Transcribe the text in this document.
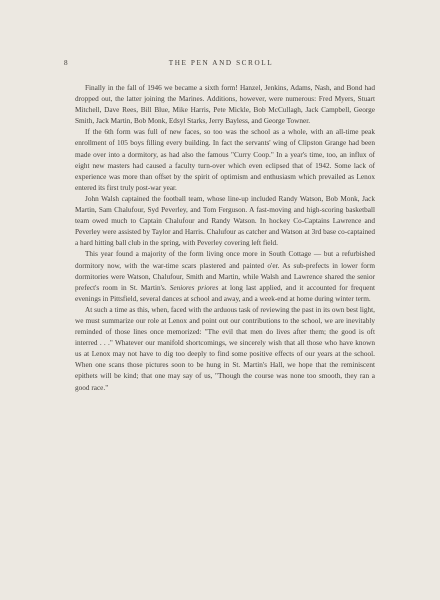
8	THE PEN AND SCROLL

Finally in the fall of 1946 we became a sixth form! Hanzel, Jenkins, Adams, Nash, and Bond had dropped out, the latter joining the Marines. Additions, however, were numerous: Fred Myers, Stuart Mitchell, Dave Rees, Bill Blue, Mike Harris, Pete Mickle, Bob McCullagh, Jack Campbell, George Smith, Jack Martin, Bob Monk, Edsyl Starks, Jerry Bayless, and George Towner.

If the 6th form was full of new faces, so too was the school as a whole, with an all-time peak enrollment of 105 boys filling every building. In fact the servants' wing of Clipston Grange had been made over into a dormitory, as had also the famous "Curry Coop." In a year's time, too, an influx of eight new masters had caused a faculty turn-over which even eclipsed that of 1942. Some lack of experience was more than offset by the spirit of optimism and enthusiasm which prevailed as Lenox entered its first truly post-war year.

John Walsh captained the football team, whose line-up included Randy Watson, Bob Monk, Jack Martin, Sam Chalufour, Syd Peverley, and Tom Ferguson. A fast-moving and high-scoring basketball team owed much to Captain Chalufour and Randy Watson. In hockey Co-Captains Lawrence and Peverley were assisted by Taylor and Harris. Chalufour as catcher and Watson at 3rd base co-captained a hard hitting ball club in the spring, with Peverley covering left field.

This year found a majority of the form living once more in South Cottage — but a refurbished dormitory now, with the war-time scars plastered and painted o'er. As sub-prefects in lower form dormitories were Watson, Chalufour, Smith and Martin, while Walsh and Lawrence shared the senior prefect's room in St. Martin's. Seniores priores at long last applied, and it accounted for frequent evenings in Pittsfield, several dances at school and away, and a week-end at home during winter term.

At such a time as this, when, faced with the arduous task of reviewing the past in its own best light, we must summarize our role at Lenox and point out our contributions to the school, we are inevitably reminded of those lines once memorized: "The evil that men do lives after them; the good is oft interred . . ." Whatever our manifold shortcomings, we sincerely wish that all those who have known us at Lenox may not have to dig too deeply to find some positive effects of our years at the school. When one scans those pictures soon to be hung in St. Martin's Hall, we hope that the reminiscent epithets will be kind; that one may say of us, "Though the course was none too smooth, they ran a good race."
